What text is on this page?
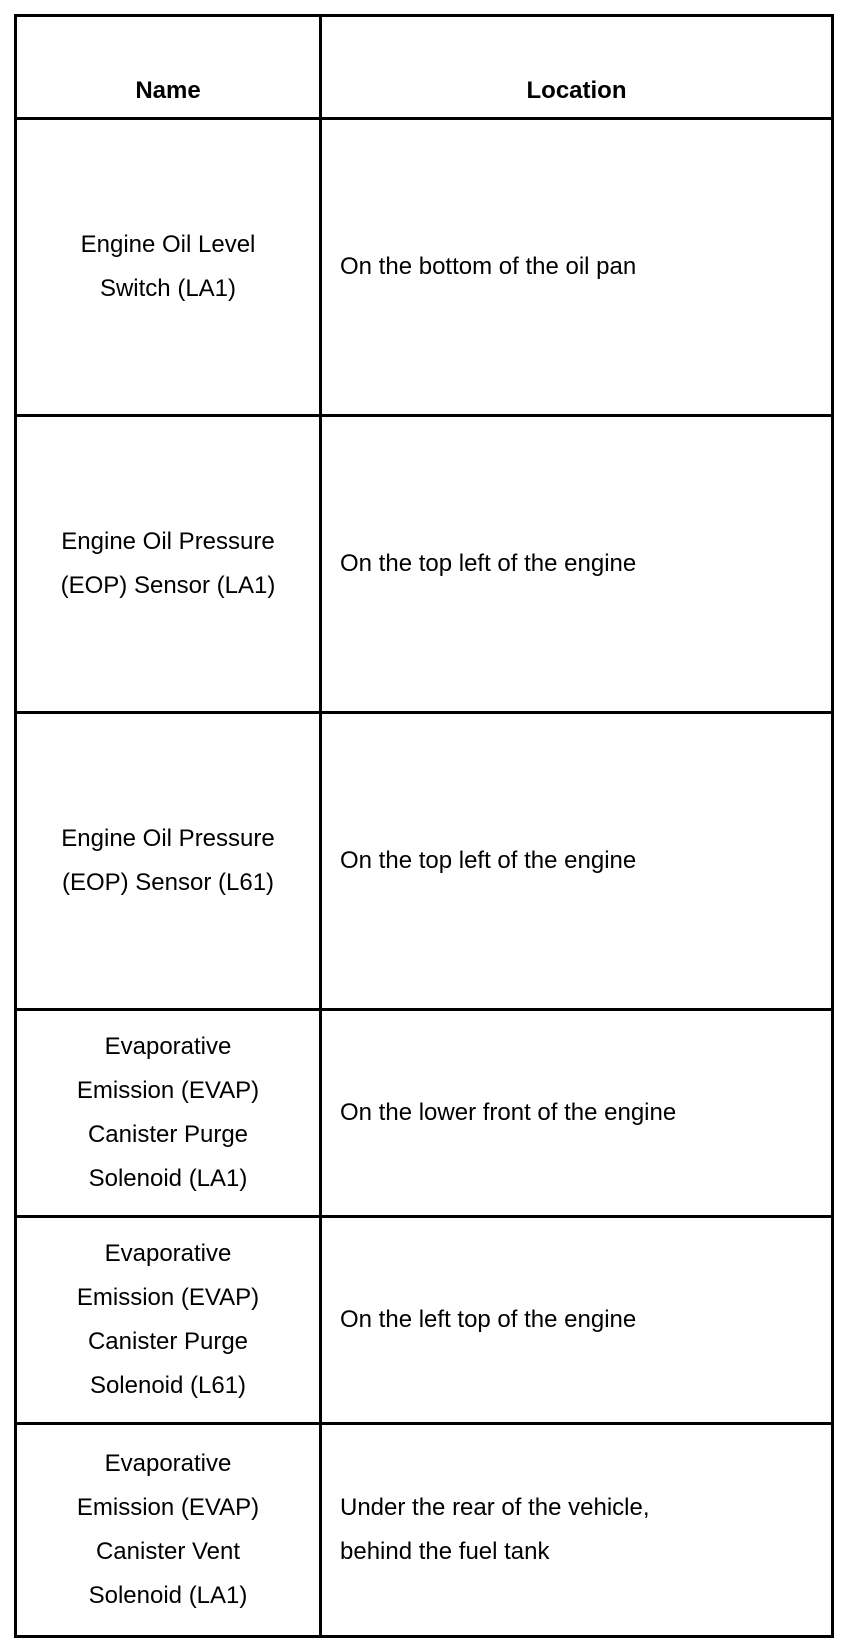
Name	Location

Engine Oil Level
Switch (LA1)	On the bottom of the oil pan

Engine Oil Pressure
(EOP) Sensor (LA1)	On the top left of the engine

Engine Oil Pressure
(EOP) Sensor (L61)	On the top left of the engine

Evaporative
Emission (EVAP)
Canister Purge
Solenoid (LA1)	On the lower front of the engine

Evaporative
Emission (EVAP)
Canister Purge
Solenoid (L61)	On the left top of the engine

Evaporative
Emission (EVAP)
Canister Vent
Solenoid (LA1)	Under the rear of the vehicle,
behind the fuel tank
